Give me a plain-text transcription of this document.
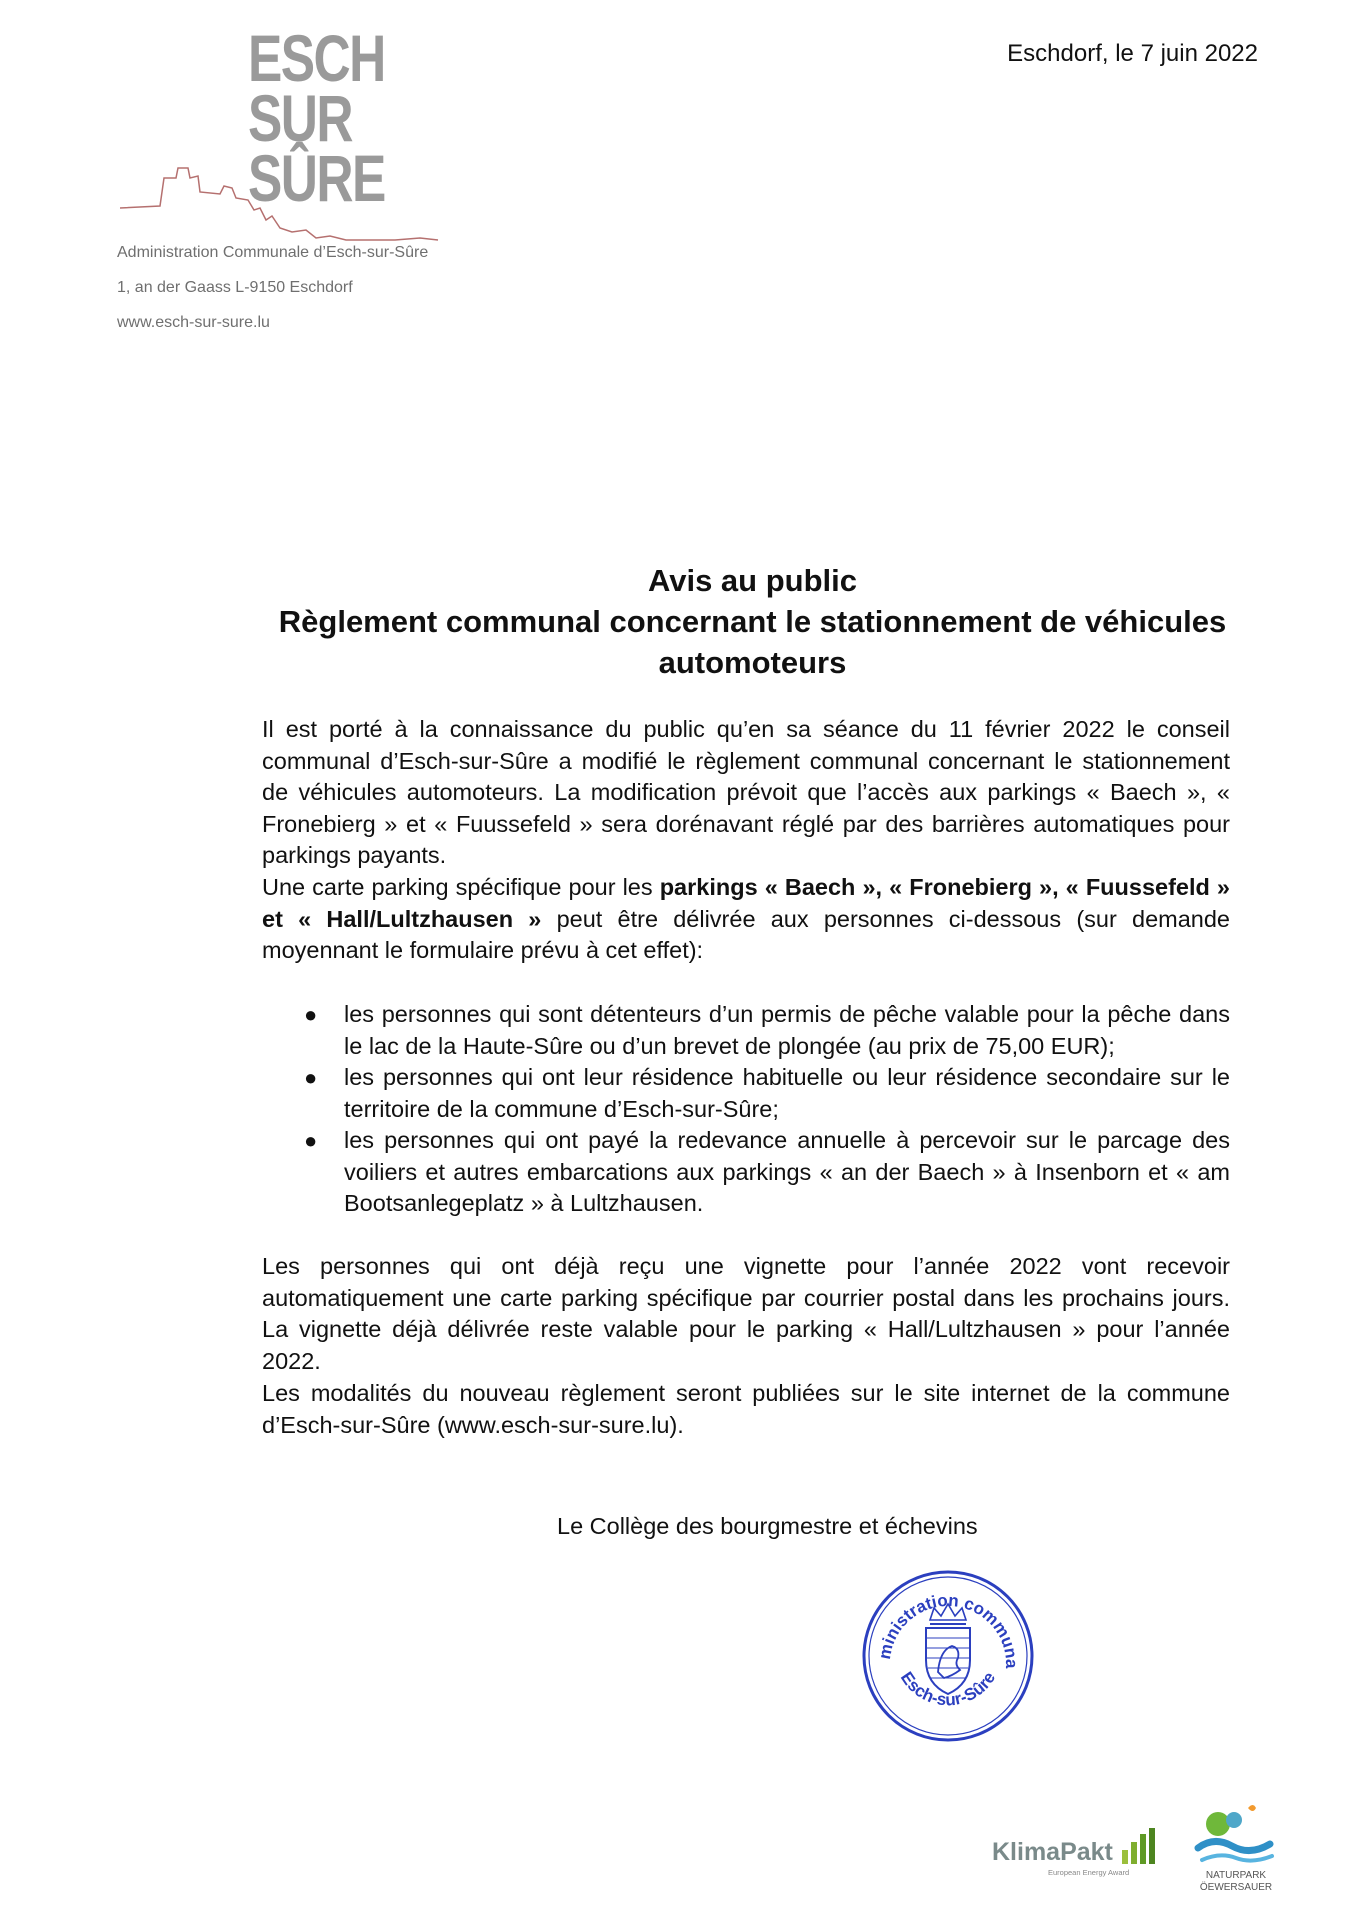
ESCH
SUR
SÛRE
Administration Communale d’Esch-sur-Sûre
1, an der Gaass L-9150 Eschdorf
www.esch-sur-sure.lu
Eschdorf, le 7 juin 2022
Avis au public
Règlement communal concernant le stationnement de véhicules
automoteurs
Il est porté à la connaissance du public qu’en sa séance du 11 février 2022 le conseil communal d’Esch-sur-Sûre a modifié le règlement communal concernant le stationnement de véhicules automoteurs. La modification prévoit que l’accès aux parkings « Baech », « Fronebierg » et « Fuussefeld » sera dorénavant réglé par des barrières automatiques pour parkings payants.
Une carte parking spécifique pour les parkings « Baech », « Fronebierg », « Fuussefeld » et « Hall/Lultzhausen » peut être délivrée aux personnes ci-dessous (sur demande moyennant le formulaire prévu à cet effet):
● les personnes qui sont détenteurs d’un permis de pêche valable pour la pêche dans le lac de la Haute-Sûre ou d’un brevet de plongée (au prix de 75,00 EUR);
● les personnes qui ont leur résidence habituelle ou leur résidence secondaire sur le territoire de la commune d’Esch-sur-Sûre;
● les personnes qui ont payé la redevance annuelle à percevoir sur le parcage des voiliers et autres embarcations aux parkings « an der Baech » à Insenborn et « am Bootsanlegeplatz » à Lultzhausen.
Les personnes qui ont déjà reçu une vignette pour l’année 2022 vont recevoir automatiquement une carte parking spécifique par courrier postal dans les prochains jours. La vignette déjà délivrée reste valable pour le parking « Hall/Lultzhausen » pour l’année 2022.
Les modalités du nouveau règlement seront publiées sur le site internet de la commune d’Esch-sur-Sûre (www.esch-sur-sure.lu).
Le Collège des bourgmestre et échevins
ministration communa
Esch-sur-Sûre
KlimaPakt
European Energy Award	NATURPARK
ÖEWERSAUER
